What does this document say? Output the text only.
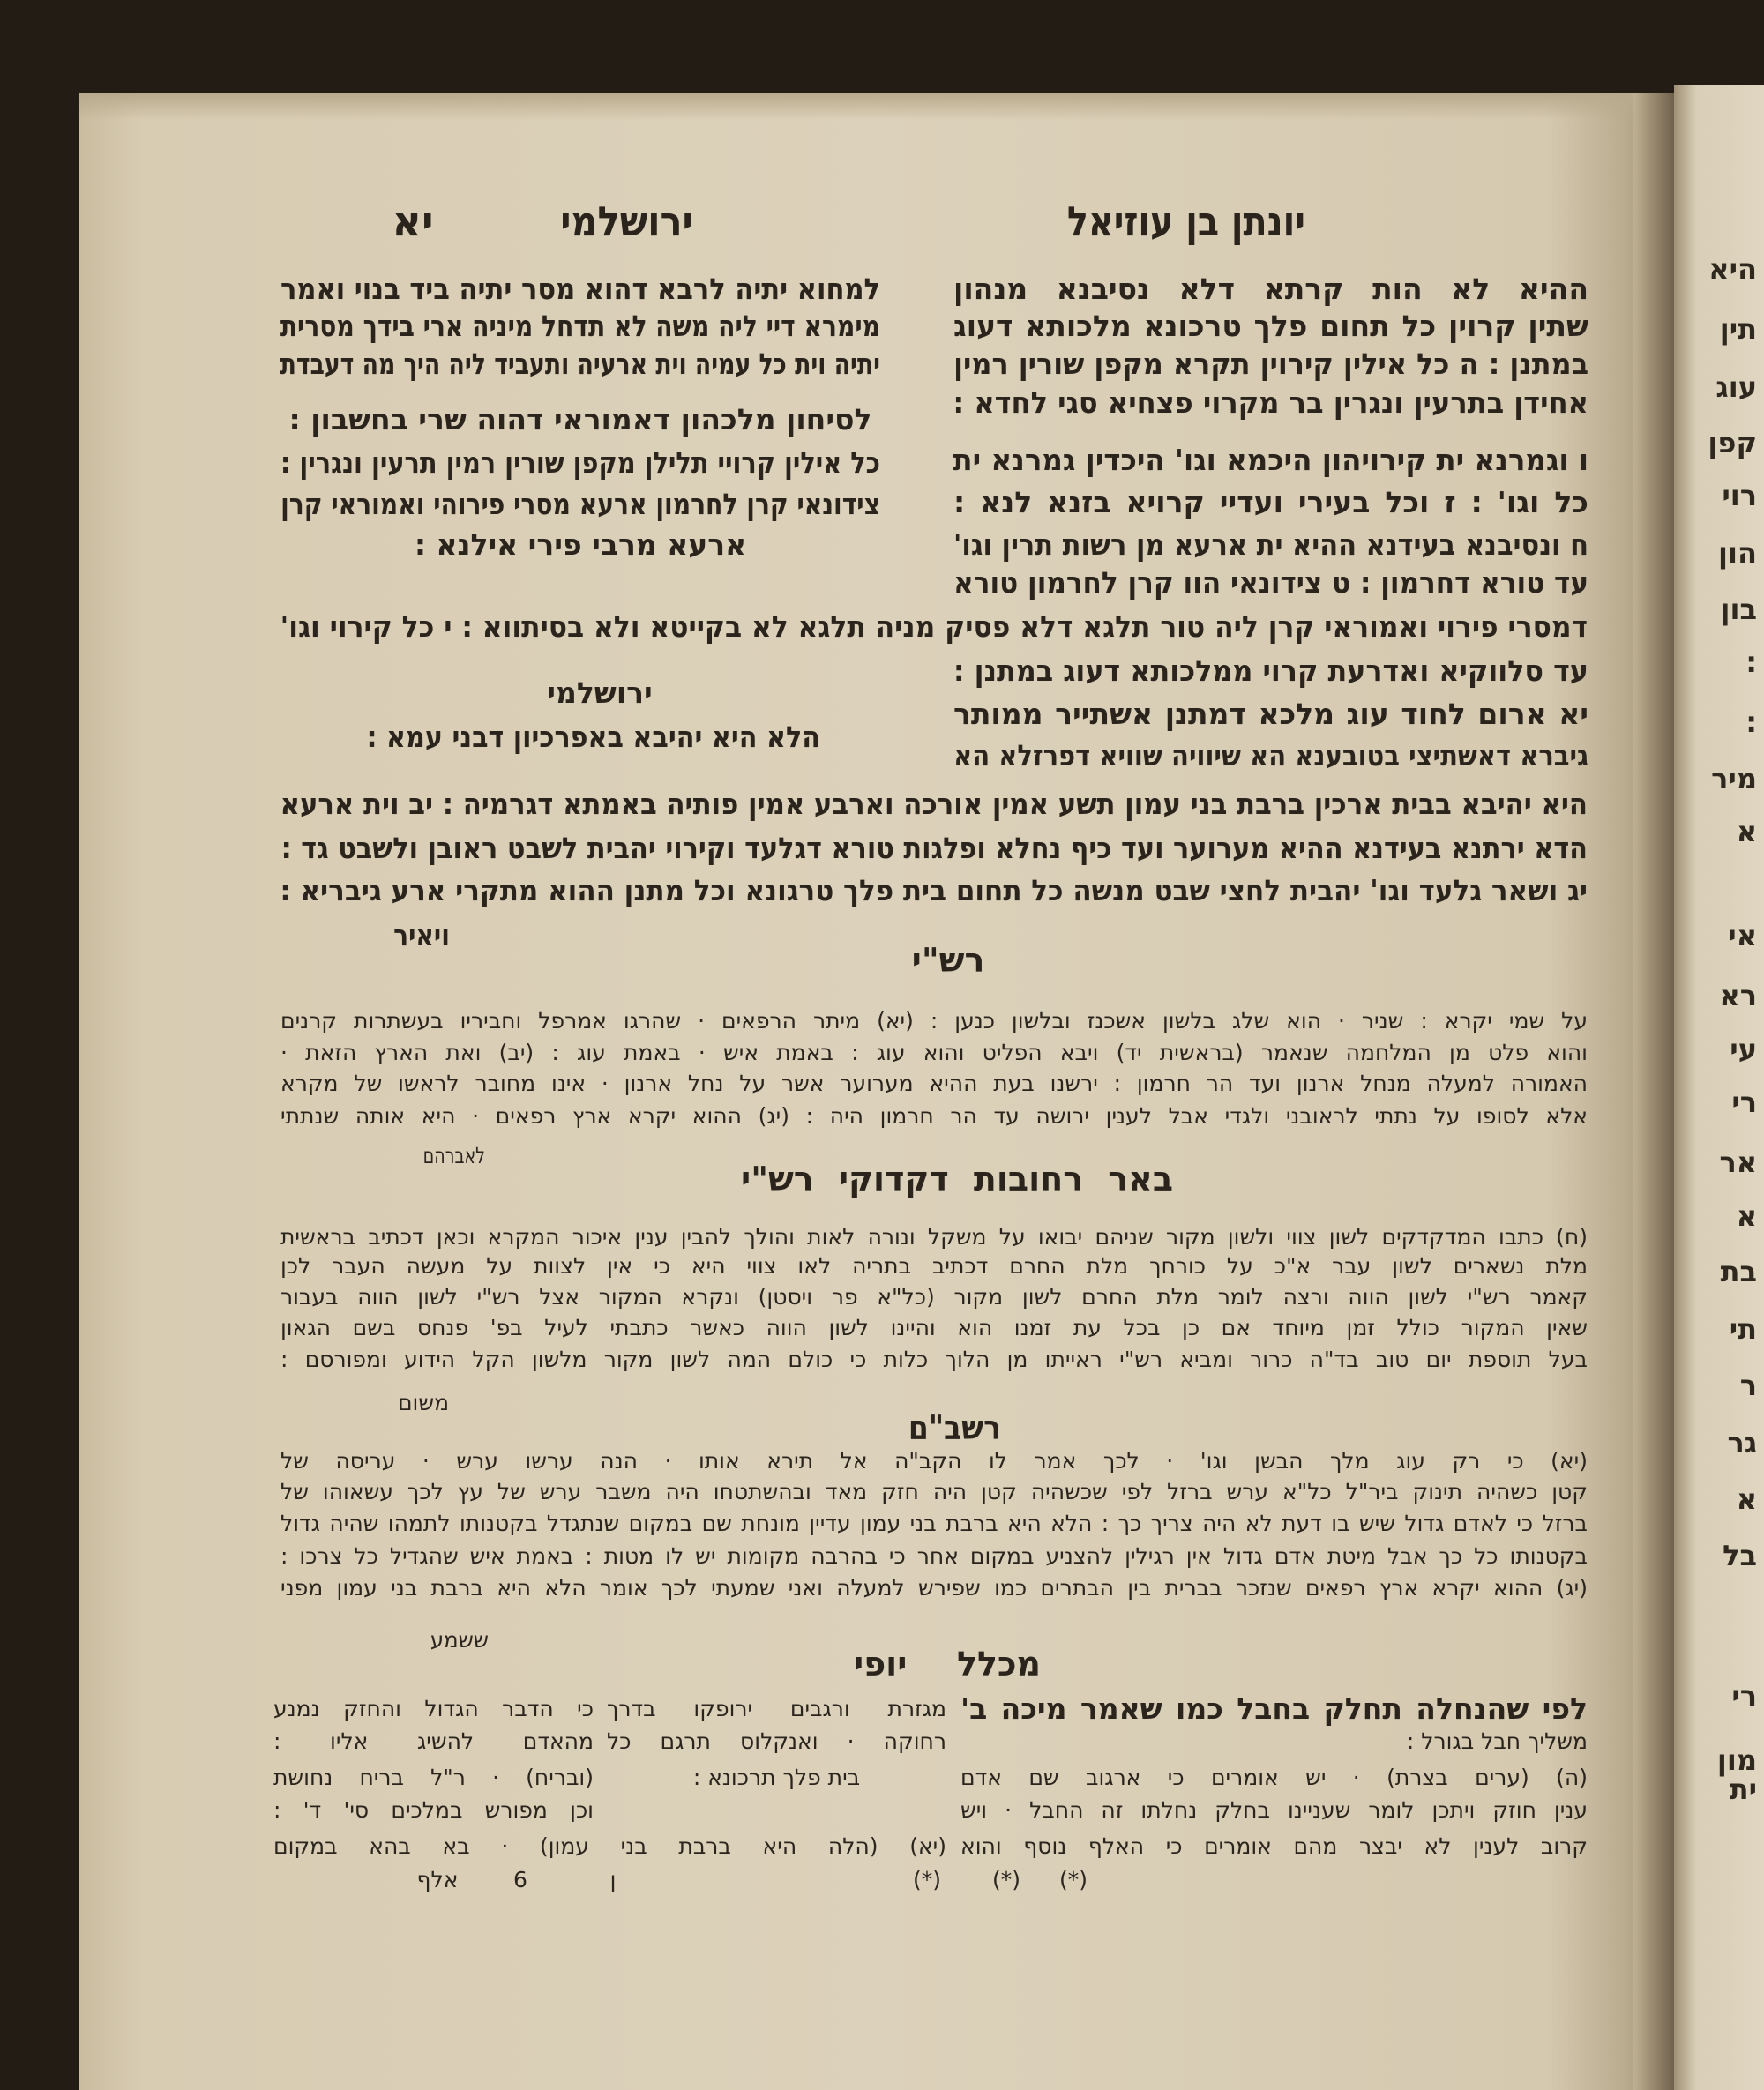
יונתן בן עוזיאל
ירושלמי
יא
ההיא לא הות קרתא דלא נסיבנא מנהון
שתין קרוין כל תחום פלך טרכונא מלכותא דעוג
במתנן : ה כל אילין קירוין תקרא מקפן שורין רמין
אחידן בתרעין ונגרין בר מקרוי פצחיא סגי לחדא :
ו וגמרנא ית קירויהון היכמא וגו' היכדין גמרנא ית
כל וגו' : ז וכל בעירי ועדיי קרויא בזנא לנא :
ח ונסיבנא בעידנא ההיא ית ארעא מן רשות תרין וגו'
עד טורא דחרמון : ט צידונאי הוו קרן לחרמון טורא
למחוא יתיה לרבא דהוא מסר יתיה ביד בנוי ואמר
מימרא דיי ליה משה לא תדחל מיניה ארי בידך מסרית
יתיה וית כל עמיה וית ארעיה ותעביד ליה היך מה דעבדת
לסיחון מלכהון דאמוראי דהוה שרי בחשבון :
כל אילין קרויי תלילן מקפן שורין רמין תרעין ונגרין :
צידונאי קרן לחרמון ארעא מסרי פירוהי ואמוראי קרן
ארעא מרבי פירי אילנא :
דמסרי פירוי ואמוראי קרן ליה טור תלגא דלא פסיק מניה תלגא לא בקייטא ולא בסיתווא : י כל קירוי וגו'
עד סלווקיא ואדרעת קרוי ממלכותא דעוג במתנן :
ירושלמי
יא ארום לחוד עוג מלכא דמתנן אשתייר ממותר
הלא היא יהיבא באפרכיון דבני עמא :
גיברא דאשתיצי בטובענא הא שיוויה שוויא דפרזלא הא
היא יהיבא בבית ארכין ברבת בני עמון תשע אמין אורכה וארבע אמין פותיה באמתא דגרמיה : יב וית ארעא
הדא ירתנא בעידנא ההיא מערוער ועד כיף נחלא ופלגות טורא דגלעד וקירוי יהבית לשבט ראובן ולשבט גד :
יג ושאר גלעד וגו' יהבית לחצי שבט מנשה כל תחום בית פלך טרגונא וכל מתנן ההוא מתקרי ארע גיבריא :
ויאיר
רש"י
על שמי יקרא : שניר · הוא שלג בלשון אשכנז ובלשון כנען : (יא) מיתר הרפאים · שהרגו אמרפל וחביריו בעשתרות קרנים
והוא פלט מן המלחמה שנאמר (בראשית יד) ויבא הפליט והוא עוג : באמת איש · באמת עוג : (יב) ואת הארץ הזאת ·
האמורה למעלה מנחל ארנון ועד הר חרמון : ירשנו בעת ההיא מערוער אשר על נחל ארנון · אינו מחובר לראשו של מקרא
אלא לסופו על נתתי לראובני ולגדי אבל לענין ירושה עד הר חרמון היה : (יג) ההוא יקרא ארץ רפאים · היא אותה שנתתי
לאברהם
באר רחובות דקדוקי רש"י
(ח) כתבו המדקדקים לשון צווי ולשון מקור שניהם יבואו על משקל ונורה לאות והולך להבין ענין איכור המקרא וכאן דכתיב בראשית
מלת נשארים לשון עבר א"כ על כורחך מלת החרם דכתיב בתריה לאו צווי היא כי אין לצוות על מעשה העבר לכן
קאמר רש"י לשון הווה ורצה לומר מלת החרם לשון מקור (כל"א פר ויסטן) ונקרא המקור אצל רש"י לשון הווה בעבור
שאין המקור כולל זמן מיוחד אם כן בכל עת זמנו הוא והיינו לשון הווה כאשר כתבתי לעיל בפ' פנחס בשם הגאון
בעל תוספת יום טוב בד"ה כרור ומביא רש"י ראייתו מן הלוך כלות כי כולם המה לשון מקור מלשון הקל הידוע ומפורסם :
משום
רשב"ם
(יא) כי רק עוג מלך הבשן וגו' · לכך אמר לו הקב"ה אל תירא אותו · הנה ערשו ערש · עריסה של
קטן כשהיה תינוק ביר"ל כל"א ערש ברזל לפי שכשהיה קטן היה חזק מאד ובהשתטחו היה משבר ערש של עץ לכך עשאוהו של
ברזל כי לאדם גדול שיש בו דעת לא היה צריך כך : הלא היא ברבת בני עמון עדיין מונחת שם במקום שנתגדל בקטנותו לתמהו שהיה גדול
בקטנותו כל כך אבל מיטת אדם גדול אין רגילין להצניע במקום אחר כי בהרבה מקומות יש לו מטות : באמת איש שהגדיל כל צרכו :
(יג) ההוא יקרא ארץ רפאים שנזכר בברית בין הבתרים כמו שפירש למעלה ואני שמעתי לכך אומר הלא היא ברבת בני עמון מפני
ששמע
מכלל יופי
לפי שהנחלה תחלק בחבל כמו שאמר מיכה ב'
משליך חבל בגורל :
(ה) (ערים בצרת) · יש אומרים כי ארגוב שם אדם
ענין חוזק ויתכן לומר שעניינו בחלק נחלתו זה החבל · ויש
קרוב לענין לא יבצר מהם אומרים כי האלף נוסף והוא
מגזרת ורגבים ירופקו בדרך
רחוקה · ואנקלוס תרגם כל
בית פלך תרכונא :
כי הדבר הגדול והחזק נמנע
מהאדם להשיג אליו :
(ובריח) · ר"ל בריח נחושת
וכן מפורש במלכים סי' ד' :
(יא) (הלה היא ברבת בני עמון) · בא בהא במקום
(*)	(*)	(*)
ן
6
אלף
היא
תין
עוג
קפן
רוי
הון
בון
:
:
מיר
א
אי
רא
עי
רי
אר
א
בת
תי
ר
גר
א
בל
רי
מון
ית
